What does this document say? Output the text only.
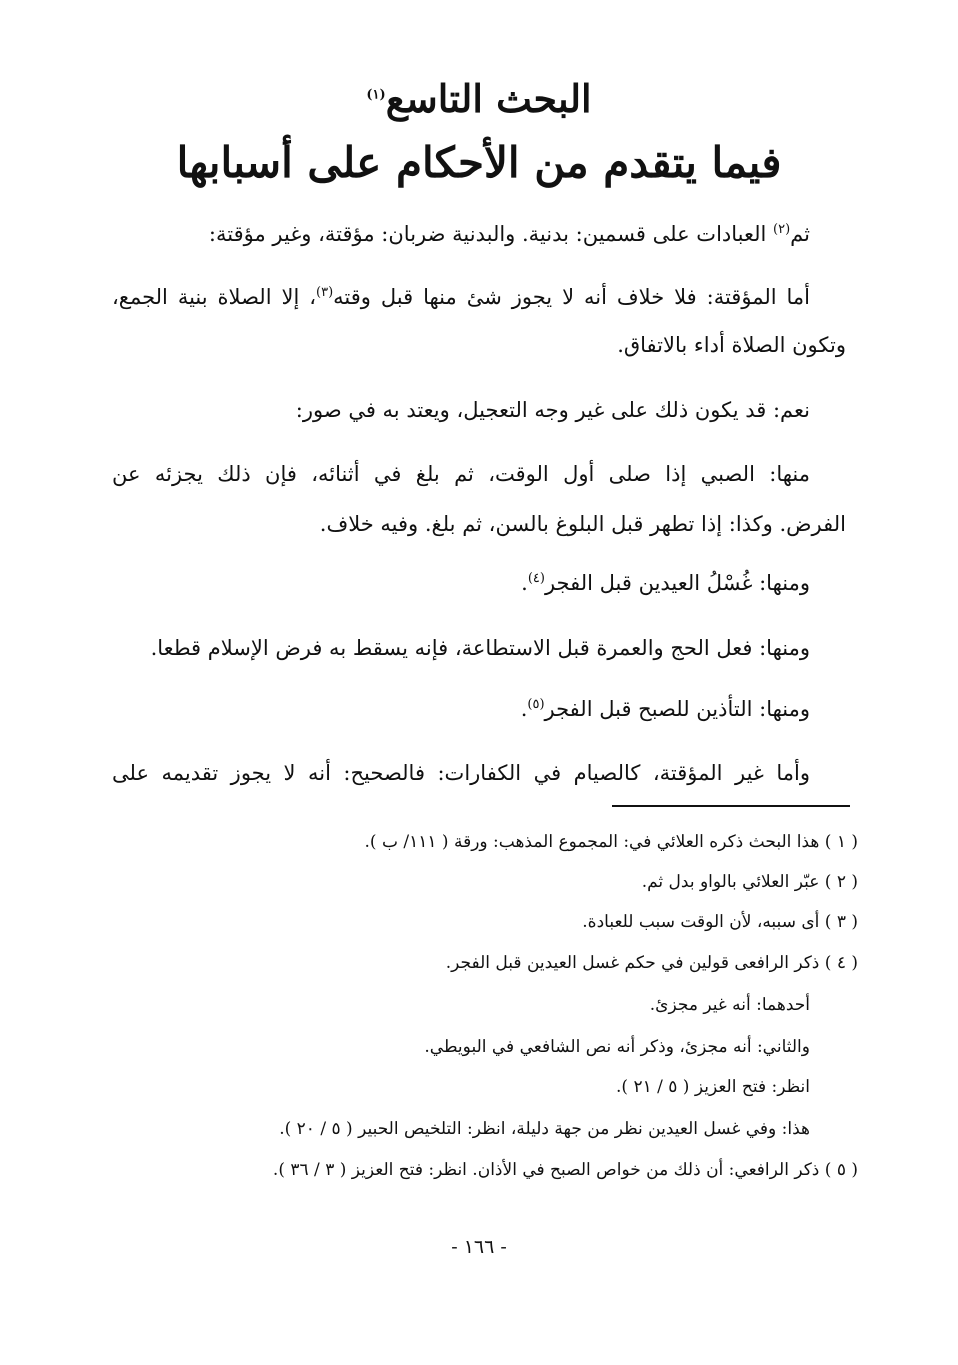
البحث التاسع$^{(١)}$
فيما يتقدم من الأحكام على أسبابها
ثم$^{(٢)}$ العبادات على قسمين: بدنية. والبدنية ضربان: مؤقتة، وغير مؤقتة:
أما المؤقتة: فلا خلاف أنه لا يجوز شئ منها قبل وقته$^{(٣)}$، إلا الصلاة بنية الجمع،
وتكون الصلاة أداء بالاتفاق.
نعم: قد يكون ذلك على غير وجه التعجيل، ويعتد به في صور:
منها: الصبي إذا صلى أول الوقت، ثم بلغ في أثنائه، فإن ذلك يجزئه عن
الفرض. وكذا: إذا تطهر قبل البلوغ بالسن، ثم بلغ. وفيه خلاف.
ومنها: غُسْلُ العيدين قبل الفجر$^{(٤)}$.
ومنها: فعل الحج والعمرة قبل الاستطاعة، فإنه يسقط به فرض الإسلام قطعا.
ومنها: التأذين للصبح قبل الفجر$^{(٥)}$.
وأما غير المؤقتة، كالصيام في الكفارات: فالصحيح: أنه لا يجوز تقديمه على
( ١ ) هذا البحث ذكره العلائي في: المجموع المذهب: ورقة ( ١١١/ ب ).
( ٢ ) عبّر العلائي بالواو بدل ثم.
( ٣ ) أى سببه، لأن الوقت سبب للعبادة.
( ٤ ) ذكر الرافعى قولين في حكم غسل العيدين قبل الفجر.
أحدهما: أنه غير مجزئ.
والثاني: أنه مجزئ، وذكر أنه نص الشافعي في البويطي.
انظر: فتح العزيز ( ٥ / ٢١ ).
هذا: وفي غسل العيدين نظر من جهة دليلة، انظر: التلخيص الحبير ( ٥ / ٢٠ ).
( ٥ ) ذكر الرافعي: أن ذلك من خواص الصبح في الأذان. انظر: فتح العزيز ( ٣ / ٣٦ ).
- ١٦٦ -
